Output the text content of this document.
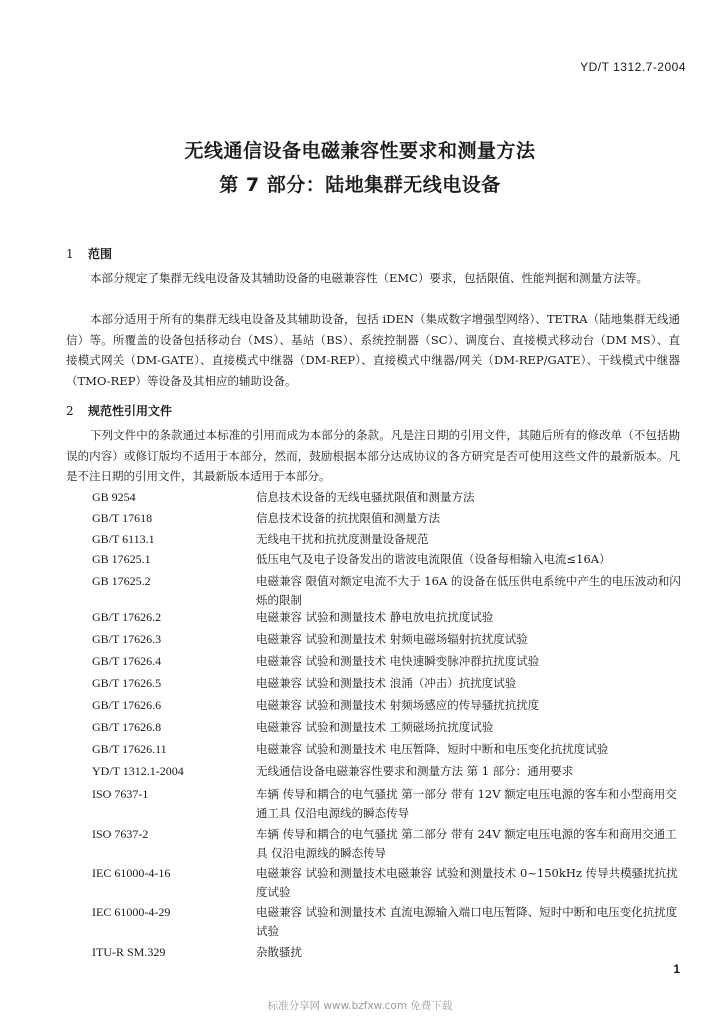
YD/T 1312.7-2004
无线通信设备电磁兼容性要求和测量方法
第 7 部分：陆地集群无线电设备
1 范围

本部分规定了集群无线电设备及其辅助设备的电磁兼容性（EMC）要求，包括限值、性能判据和测量方法等。

本部分适用于所有的集群无线电设备及其辅助设备，包括 iDEN（集成数字增强型网络）、TETRA（陆地集群无线通信）等。所覆盖的设备包括移动台（MS）、基站（BS）、系统控制器（SC）、调度台、直接模式移动台（DM MS）、直接模式网关（DM-GATE）、直接模式中继器（DM-REP）、直接模式中继器/网关（DM-REP/GATE）、干线模式中继器（TMO-REP）等设备及其相应的辅助设备。

2 规范性引用文件

下列文件中的条款通过本标准的引用而成为本部分的条款。凡是注日期的引用文件，其随后所有的修改单（不包括勘误的内容）或修订版均不适用于本部分，然而，鼓励根据本部分达成协议的各方研究是否可使用这些文件的最新版本。凡是不注日期的引用文件，其最新版本适用于本部分。

GB 9254	信息技术设备的无线电骚扰限值和测量方法
GB/T 17618	信息技术设备的抗扰限值和测量方法
GB/T 6113.1	无线电干扰和抗扰度测量设备规范
GB 17625.1	低压电气及电子设备发出的谐波电流限值（设备每相输入电流≤16A）
GB 17625.2	电磁兼容 限值对额定电流不大于 16A 的设备在低压供电系统中产生的电压波动和闪烁的限制
GB/T 17626.2	电磁兼容 试验和测量技术 静电放电抗扰度试验
GB/T 17626.3	电磁兼容 试验和测量技术 射频电磁场辐射抗扰度试验
GB/T 17626.4	电磁兼容 试验和测量技术 电快速瞬变脉冲群抗扰度试验
GB/T 17626.5	电磁兼容 试验和测量技术 浪涌（冲击）抗扰度试验
GB/T 17626.6	电磁兼容 试验和测量技术 射频场感应的传导骚扰抗扰度
GB/T 17626.8	电磁兼容 试验和测量技术 工频磁场抗扰度试验
GB/T 17626.11	电磁兼容 试验和测量技术 电压暂降、短时中断和电压变化抗扰度试验
YD/T 1312.1-2004	无线通信设备电磁兼容性要求和测量方法 第 1 部分：通用要求
ISO 7637-1	车辆 传导和耦合的电气骚扰 第一部分 带有 12V 额定电压电源的客车和小型商用交通工具 仅沿电源线的瞬态传导
ISO 7637-2	车辆 传导和耦合的电气骚扰 第二部分 带有 24V 额定电压电源的客车和商用交通工具 仅沿电源线的瞬态传导
IEC 61000-4-16	电磁兼容 试验和测量技术电磁兼容 试验和测量技术 0~150kHz 传导共模骚扰抗扰度试验
IEC 61000-4-29	电磁兼容 试验和测量技术 直流电源输入端口电压暂降、短时中断和电压变化抗扰度试验
ITU-R SM.329	杂散骚扰
1
标准分享网 www.bzfxw.com 免费下载
